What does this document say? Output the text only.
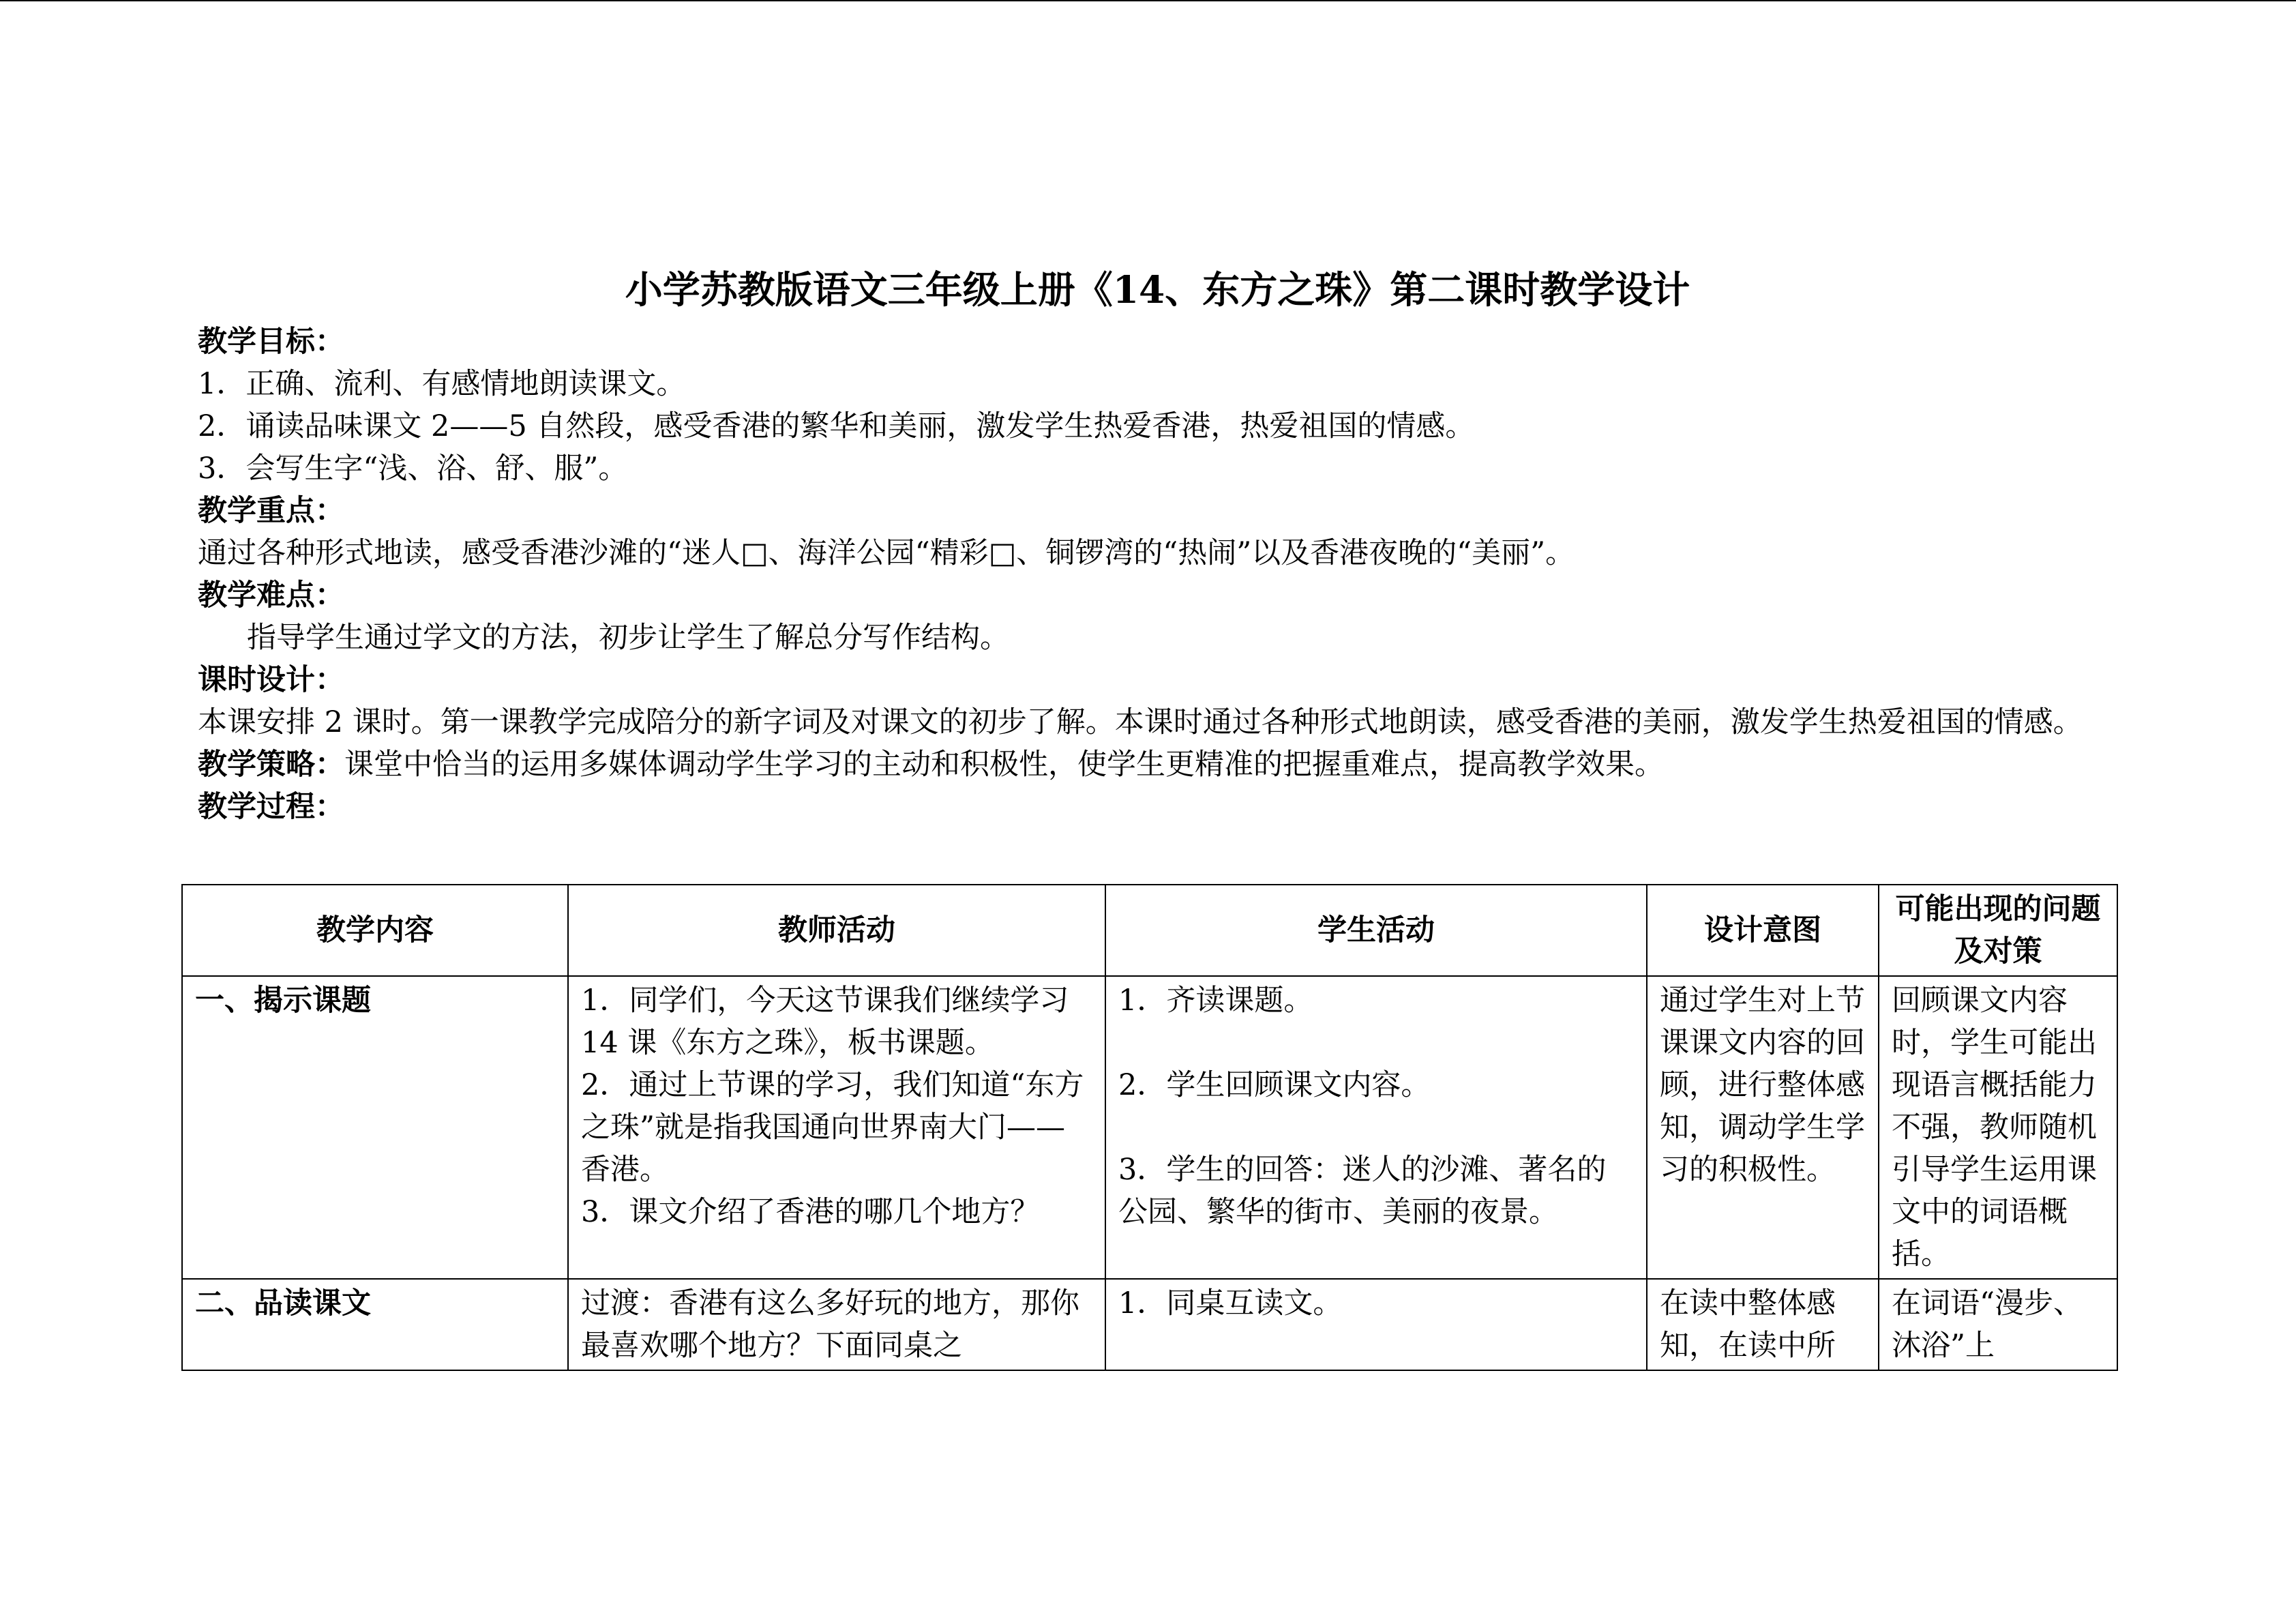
小学苏教版语文三年级上册《14、东方之珠》第二课时教学设计

教学目标：

1．正确、流利、有感情地朗读课文。

2．诵读品味课文 2——5 自然段，感受香港的繁华和美丽，激发学生热爱香港，热爱祖国的情感。

3．会写生字“浅、浴、舒、服”。

教学重点：

通过各种形式地读，感受香港沙滩的“迷人□、海洋公园“精彩□、铜锣湾的“热闹”以及香港夜晚的“美丽”。

教学难点：

指导学生通过学文的方法，初步让学生了解总分写作结构。

课时设计：

本课安排 2 课时。第一课教学完成陪分的新字词及对课文的初步了解。本课时通过各种形式地朗读，感受香港的美丽，激发学生热爱祖国的情感。

教学策略：课堂中恰当的运用多媒体调动学生学习的主动和积极性，使学生更精准的把握重难点，提高教学效果。

教学过程：

教学内容	教师活动	学生活动	设计意图	可能出现的问题及对策
一、揭示课题	1．同学们，今天这节课我们继续学习 14 课《东方之珠》，板书课题。
2．通过上节课的学习，我们知道“东方之珠”就是指我国通向世界南大门——香港。
3．课文介绍了香港的哪几个地方？	1．齐读课题。
2．学生回顾课文内容。
3．学生的回答：迷人的沙滩、著名的公园、繁华的街市、美丽的夜景。	通过学生对上节课课文内容的回顾，进行整体感知，调动学生学习的积极性。	回顾课文内容时，学生可能出现语言概括能力不强，教师随机引导学生运用课文中的词语概括。
二、品读课文	过渡：香港有这么多好玩的地方，那你最喜欢哪个地方？下面同桌之	1．同桌互读文。	在读中整体感知，在读中所	在词语“漫步、沐浴”上
